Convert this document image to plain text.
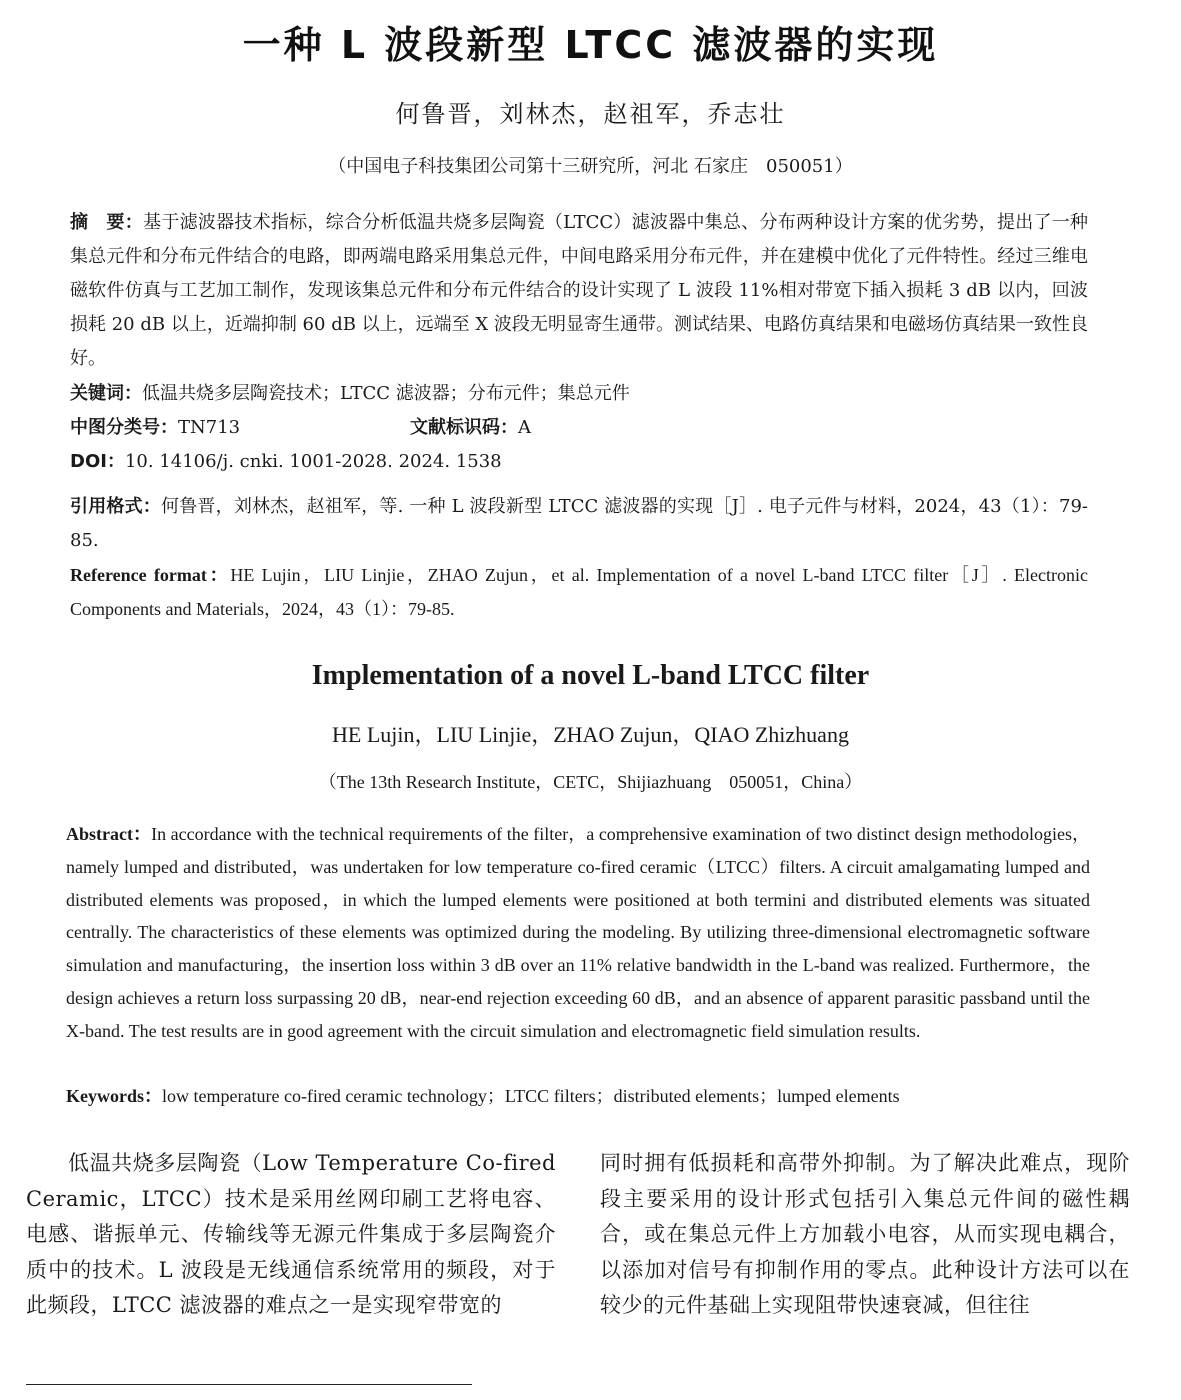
一种 L 波段新型 LTCC 滤波器的实现
何鲁晋，刘林杰，赵祖军，乔志壮
（中国电子科技集团公司第十三研究所，河北 石家庄　050051）
摘　要：基于滤波器技术指标，综合分析低温共烧多层陶瓷（LTCC）滤波器中集总、分布两种设计方案的优劣势，提出了一种集总元件和分布元件结合的电路，即两端电路采用集总元件，中间电路采用分布元件，并在建模中优化了元件特性。经过三维电磁软件仿真与工艺加工制作，发现该集总元件和分布元件结合的设计实现了 L 波段 11%相对带宽下插入损耗 3 dB 以内，回波损耗 20 dB 以上，近端抑制 60 dB 以上，远端至 X 波段无明显寄生通带。测试结果、电路仿真结果和电磁场仿真结果一致性良好。
关键词：低温共烧多层陶瓷技术；LTCC 滤波器；分布元件；集总元件
中图分类号：TN713	文献标识码：A
DOI：10. 14106/j. cnki. 1001-2028. 2024. 1538
引用格式：何鲁晋，刘林杰，赵祖军，等. 一种 L 波段新型 LTCC 滤波器的实现［J］. 电子元件与材料，2024，43（1）：79-85.
Reference format：HE Lujin，LIU Linjie，ZHAO Zujun，et al. Implementation of a novel L-band LTCC filter［J］. Electronic Components and Materials，2024，43（1）：79-85.
Implementation of a novel L-band LTCC filter
HE Lujin，LIU Linjie，ZHAO Zujun，QIAO Zhizhuang
（The 13th Research Institute，CETC，Shijiazhuang　050051，China）
Abstract：In accordance with the technical requirements of the filter，a comprehensive examination of two distinct design methodologies，namely lumped and distributed，was undertaken for low temperature co-fired ceramic（LTCC）filters. A circuit amalgamating lumped and distributed elements was proposed，in which the lumped elements were positioned at both termini and distributed elements was situated centrally. The characteristics of these elements was optimized during the modeling. By utilizing three-dimensional electromagnetic software simulation and manufacturing，the insertion loss within 3 dB over an 11% relative bandwidth in the L-band was realized. Furthermore，the design achieves a return loss surpassing 20 dB，near-end rejection exceeding 60 dB，and an absence of apparent parasitic passband until the X-band. The test results are in good agreement with the circuit simulation and electromagnetic field simulation results.
Keywords：low temperature co-fired ceramic technology；LTCC filters；distributed elements；lumped elements
低温共烧多层陶瓷（Low Temperature Co-fired Ceramic，LTCC）技术是采用丝网印刷工艺将电容、电感、谐振单元、传输线等无源元件集成于多层陶瓷介质中的技术。L 波段是无线通信系统常用的频段，对于此频段，LTCC 滤波器的难点之一是实现窄带宽的
同时拥有低损耗和高带外抑制。为了解决此难点，现阶段主要采用的设计形式包括引入集总元件间的磁性耦合，或在集总元件上方加载小电容，从而实现电耦合，以添加对信号有抑制作用的零点。此种设计方法可以在较少的元件基础上实现阻带快速衰减，但往往
